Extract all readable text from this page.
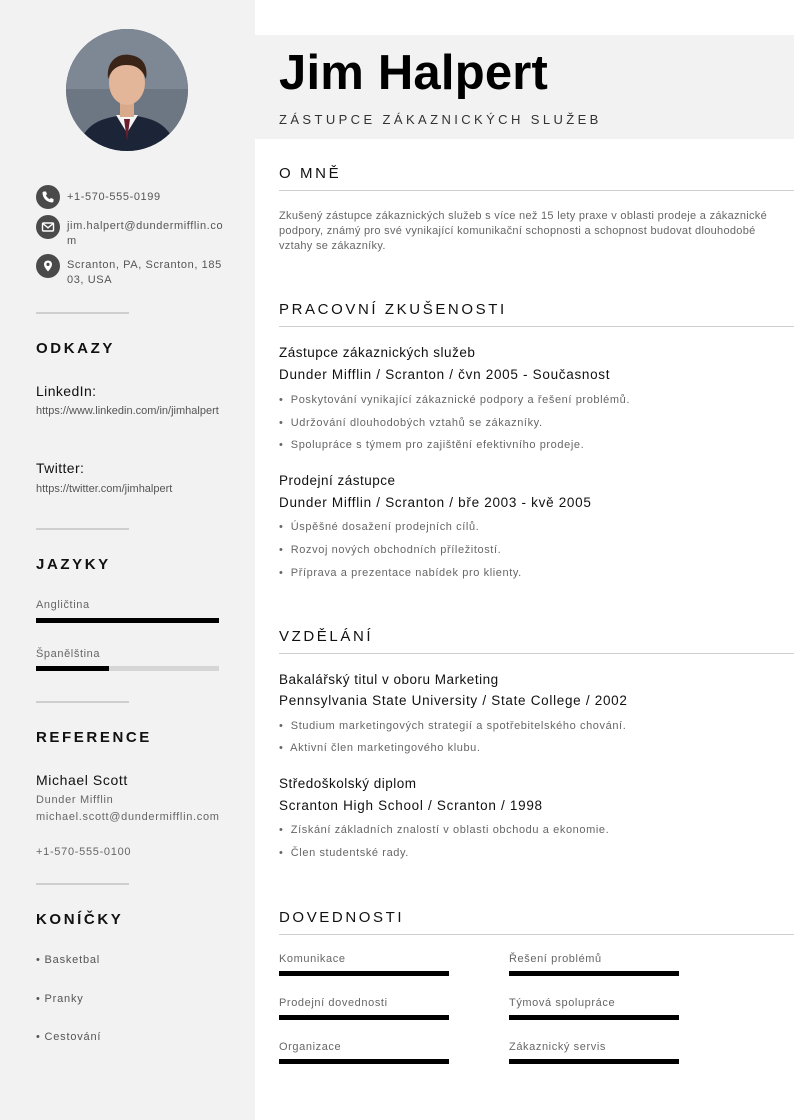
+1-570-555-0199
jim.halpert@dundermifflin.com
Scranton, PA, Scranton, 18503, USA
ODKAZY
LinkedIn:
https://www.linkedin.com/in/jimhalpert
Twitter:
https://twitter.com/jimhalpert
JAZYKY
Angličtina
Španělština
REFERENCE
Michael Scott
Dunder Mifflin
michael.scott@dundermifflin.com
+1-570-555-0100
KONÍČKY
• Basketbal
• Pranky
• Cestování
Jim Halpert
ZÁSTUPCE ZÁKAZNICKÝCH SLUŽEB
O MNĚ
Zkušený zástupce zákaznických služeb s více než 15 lety praxe v oblasti prodeje a zákaznické podpory, známý pro své vynikající komunikační schopnosti a schopnost budovat dlouhodobé vztahy se zákazníky.
PRACOVNÍ ZKUŠENOSTI
Zástupce zákaznických služeb
Dunder Mifflin / Scranton / čvn 2005 - Současnost
•  Poskytování vynikající zákaznické podpory a řešení problémů.
•  Udržování dlouhodobých vztahů se zákazníky.
•  Spolupráce s týmem pro zajištění efektivního prodeje.
Prodejní zástupce
Dunder Mifflin / Scranton / bře 2003 - kvě 2005
•  Úspěšné dosažení prodejních cílů.
•  Rozvoj nových obchodních příležitostí.
•  Příprava a prezentace nabídek pro klienty.
VZDĚLÁNÍ
Bakalářský titul v oboru Marketing
Pennsylvania State University / State College / 2002
•  Studium marketingových strategií a spotřebitelského chování.
•  Aktivní člen marketingového klubu.
Středoškolský diplom
Scranton High School / Scranton / 1998
•  Získání základních znalostí v oblasti obchodu a ekonomie.
•  Člen studentské rady.
DOVEDNOSTI
Komunikace	Řešení problémů
Prodejní dovednosti	Týmová spolupráce
Organizace	Zákaznický servis
